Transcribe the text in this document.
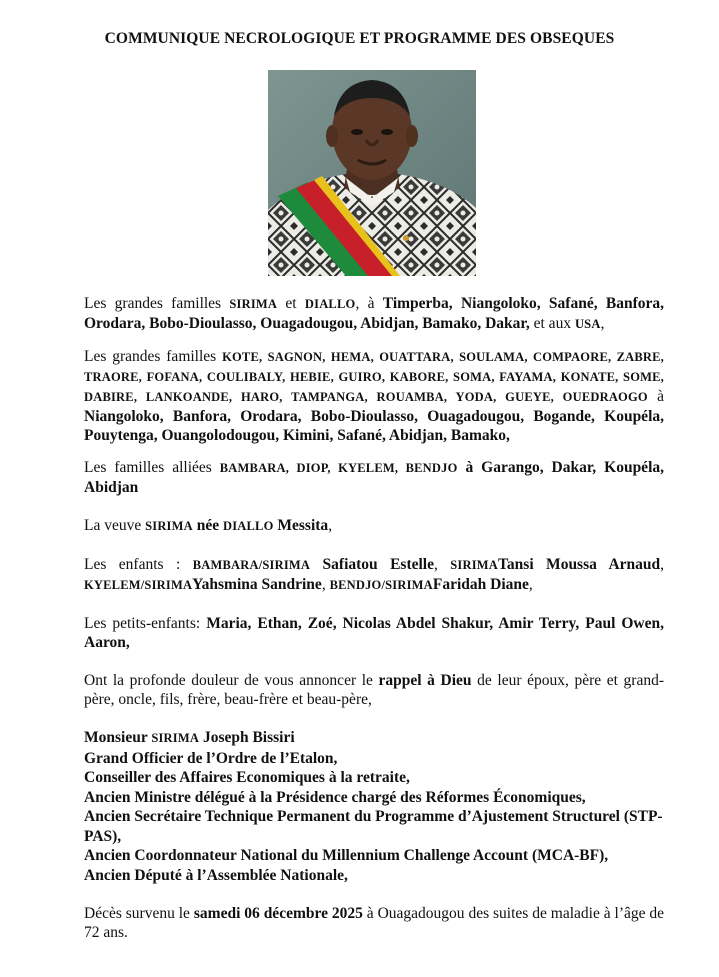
COMMUNIQUE NECROLOGIQUE ET PROGRAMME DES OBSEQUES

Les grandes familles SIRIMA et DIALLO, à Timperba, Niangoloko, Safané, Banfora, Orodara, Bobo-Dioulasso, Ouagadougou, Abidjan, Bamako, Dakar, et aux USA,

Les grandes familles KOTE, SAGNON, HEMA, OUATTARA, SOULAMA, COMPAORE, ZABRE, TRAORE, FOFANA, COULIBALY, HEBIE, GUIRO, KABORE, SOMA, FAYAMA, KONATE, SOME, DABIRE, LANKOANDE, HARO, TAMPANGA, ROUAMBA, YODA, GUEYE, OUEDRAOGO à Niangoloko, Banfora, Orodara, Bobo-Dioulasso, Ouagadougou, Bogande, Koupéla, Pouytenga, Ouangolodougou, Kimini, Safané, Abidjan, Bamako,

Les familles alliées BAMBARA, DIOP, KYELEM, BENDJO à Garango, Dakar, Koupéla, Abidjan

La veuve SIRIMA née DIALLO Messita,

Les enfants : BAMBARA/SIRIMA Safiatou Estelle, SIRIMATansi Moussa Arnaud, KYELEM/SIRIMAYahsmina Sandrine, BENDJO/SIRIMAFaridah Diane,

Les petits-enfants: Maria, Ethan, Zoé, Nicolas Abdel Shakur, Amir Terry, Paul Owen, Aaron,

Ont la profonde douleur de vous annoncer le rappel à Dieu de leur époux, père et grand-père, oncle, fils, frère, beau-frère et beau-père,

Monsieur SIRIMA Joseph Bissiri
Grand Officier de l’Ordre de l’Etalon,
Conseiller des Affaires Economiques à la retraite,
Ancien Ministre délégué à la Présidence chargé des Réformes Économiques,
Ancien Secrétaire Technique Permanent du Programme d’Ajustement Structurel (STP-PAS),
Ancien Coordonnateur National du Millennium Challenge Account (MCA-BF),
Ancien Député à l’Assemblée Nationale,

Décès survenu le samedi 06 décembre 2025 à Ouagadougou des suites de maladie à l’âge de 72 ans.
